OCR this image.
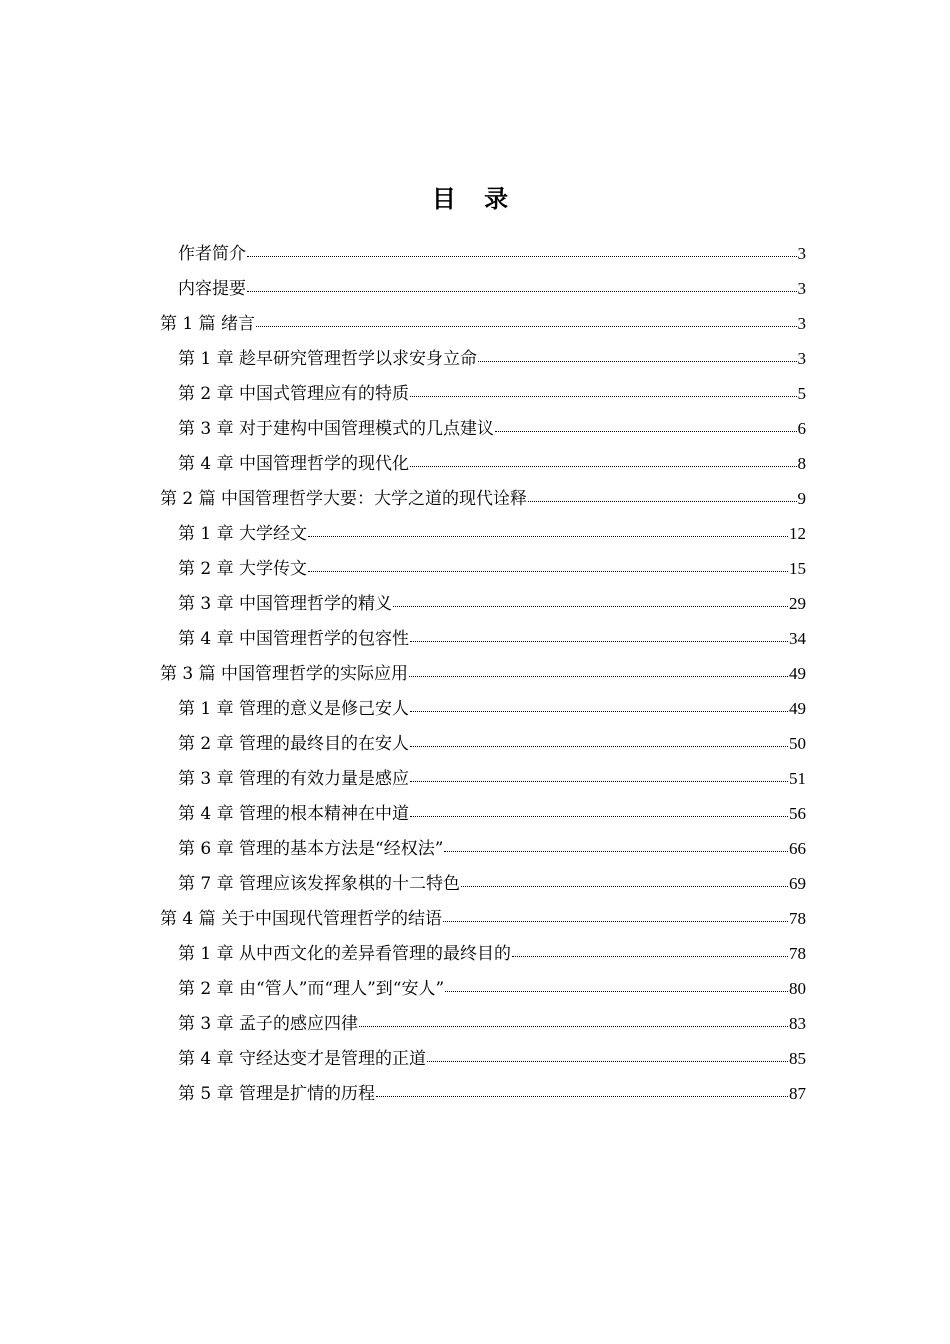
目 录
作者简介	3
内容提要	3
第 1 篇 绪言	3
第 1 章 趁早研究管理哲学以求安身立命	3
第 2 章 中国式管理应有的特质	5
第 3 章 对于建构中国管理模式的几点建议	6
第 4 章 中国管理哲学的现代化	8
第 2 篇 中国管理哲学大要：大学之道的现代诠释	9
第 1 章 大学经文	12
第 2 章 大学传文	15
第 3 章 中国管理哲学的精义	29
第 4 章 中国管理哲学的包容性	34
第 3 篇 中国管理哲学的实际应用	49
第 1 章 管理的意义是修己安人	49
第 2 章 管理的最终目的在安人	50
第 3 章 管理的有效力量是感应	51
第 4 章 管理的根本精神在中道	56
第 6 章 管理的基本方法是“经权法”	66
第 7 章 管理应该发挥象棋的十二特色	69
第 4 篇 关于中国现代管理哲学的结语	78
第 1 章 从中西文化的差异看管理的最终目的	78
第 2 章 由“管人”而“理人”到“安人”	80
第 3 章 孟子的感应四律	83
第 4 章 守经达变才是管理的正道	85
第 5 章 管理是扩情的历程	87
